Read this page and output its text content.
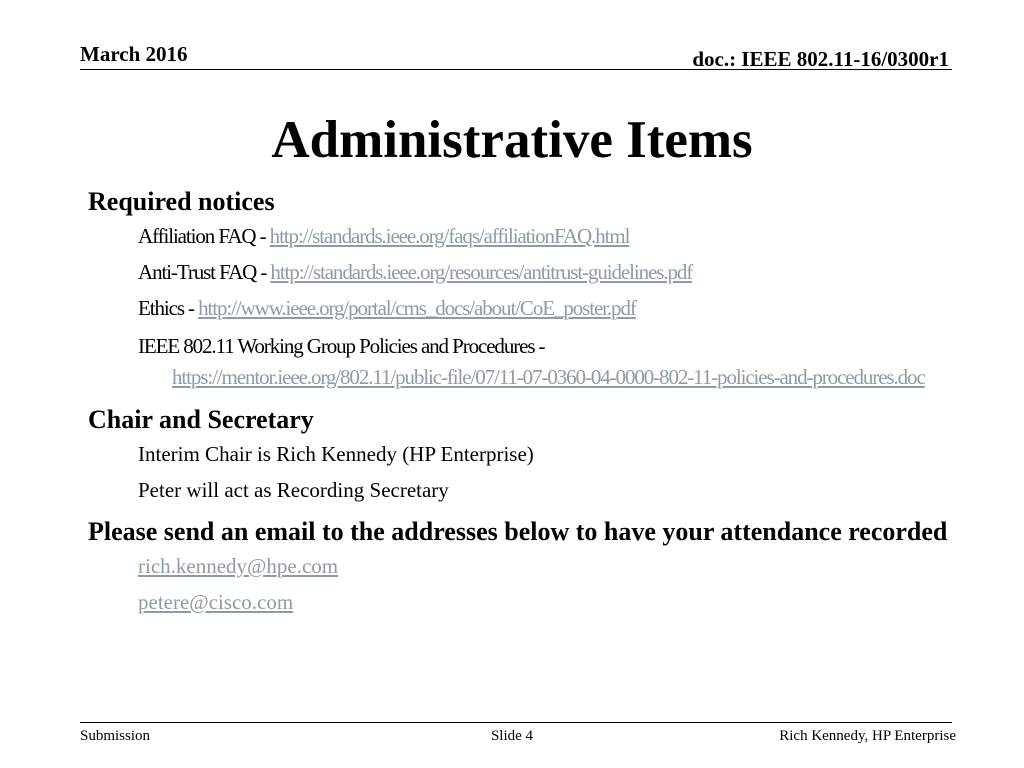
March 2016	doc.: IEEE 802.11-16/0300r1
Administrative Items

Required notices

Affiliation FAQ - http://standards.ieee.org/faqs/affiliationFAQ.html

Anti-Trust FAQ - http://standards.ieee.org/resources/antitrust-guidelines.pdf

Ethics - http://www.ieee.org/portal/cms_docs/about/CoE_poster.pdf

IEEE 802.11 Working Group Policies and Procedures -
https://mentor.ieee.org/802.11/public-file/07/11-07-0360-04-0000-802-11-policies-and-procedures.doc

Chair and Secretary

Interim Chair is Rich Kennedy (HP Enterprise)

Peter will act as Recording Secretary

Please send an email to the addresses below to have your attendance recorded

rich.kennedy@hpe.com

petere@cisco.com

Submission	Slide 4	Rich Kennedy, HP Enterprise
